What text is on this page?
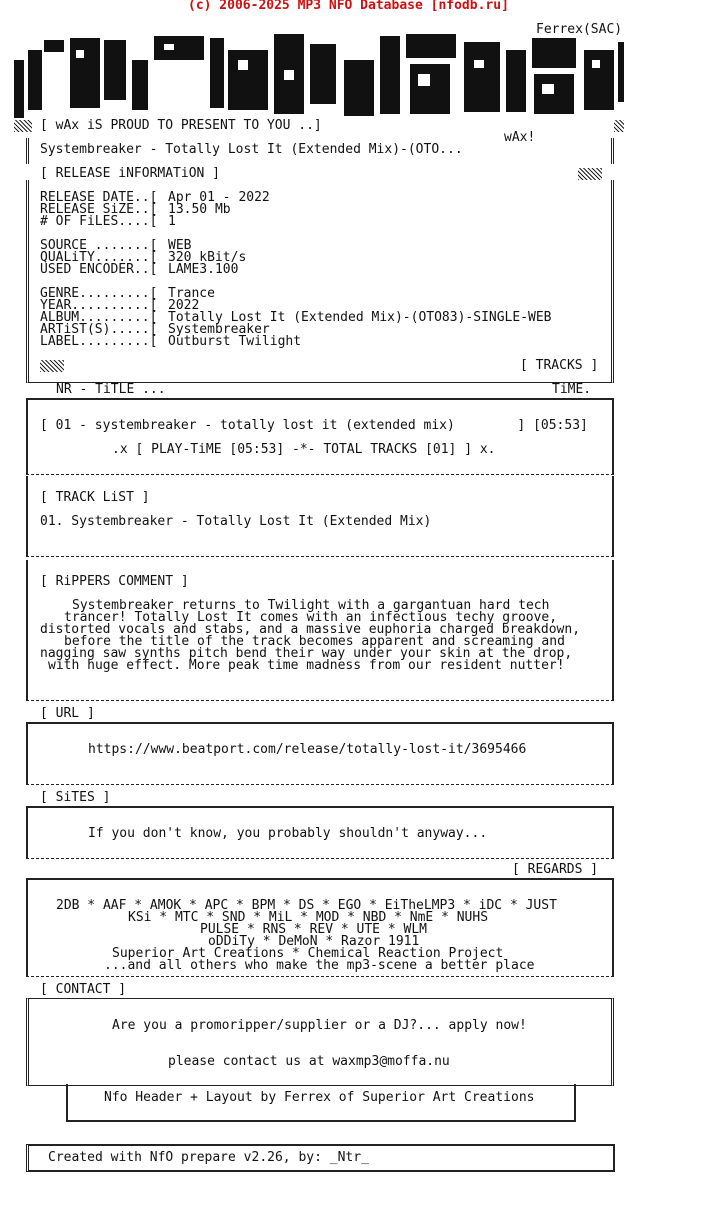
(c) 2006-2025 MP3 NFO Database [nfodb.ru]
Ferrex(SAC)
[ wAx iS PROUD TO PRESENT TO YOU ..]
wAx!
Systembreaker - Totally Lost It (Extended Mix)-(OTO...
[ RELEASE iNFORMATiON ]
RELEASE DATE..[ Apr 01 - 2022
RELEASE SiZE..[ 13.50 Mb
# OF FiLES....[ 1
SOURCE .......[ WEB
QUALiTY.......[ 320 kBit/s
USED ENCODER..[ LAME3.100
GENRE.........[ Trance
YEAR..........[ 2022
ALBUM.........[ Totally Lost It (Extended Mix)-(OTO83)-SINGLE-WEB
ARTiST(S).....[ Systembreaker
LABEL.........[ Outburst Twilight
[ TRACKS ]
NR - TiTLE ...	TiME.
[ 01 - systembreaker - totally lost it (extended mix)        ] [05:53]
.x [ PLAY-TiME [05:53] -*- TOTAL TRACKS [01] ] x.
[ TRACK LiST ]
01. Systembreaker - Totally Lost It (Extended Mix)
[ RiPPERS COMMENT ]
Systembreaker returns to Twilight with a gargantuan hard tech
trancer! Totally Lost It comes with an infectious techy groove,
distorted vocals and stabs, and a massive euphoria charged breakdown,
before the title of the track becomes apparent and screaming and
nagging saw synths pitch bend their way under your skin at the drop,
with huge effect. More peak time madness from our resident nutter!
[ URL ]
https://www.beatport.com/release/totally-lost-it/3695466
[ SiTES ]
If you don't know, you probably shouldn't anyway...
[ REGARDS ]
2DB * AAF * AMOK * APC * BPM * DS * EGO * EiTheLMP3 * iDC * JUST
KSi * MTC * SND * MiL * MOD * NBD * NmE * NUHS
PULSE * RNS * REV * UTE * WLM
oDDiTy * DeMoN * Razor 1911
Superior Art Creations * Chemical Reaction Project
...and all others who make the mp3-scene a better place
[ CONTACT ]
Are you a promoripper/supplier or a DJ?... apply now!
please contact us at waxmp3@moffa.nu
Nfo Header + Layout by Ferrex of Superior Art Creations
Created with NfO prepare v2.26, by: _Ntr_
